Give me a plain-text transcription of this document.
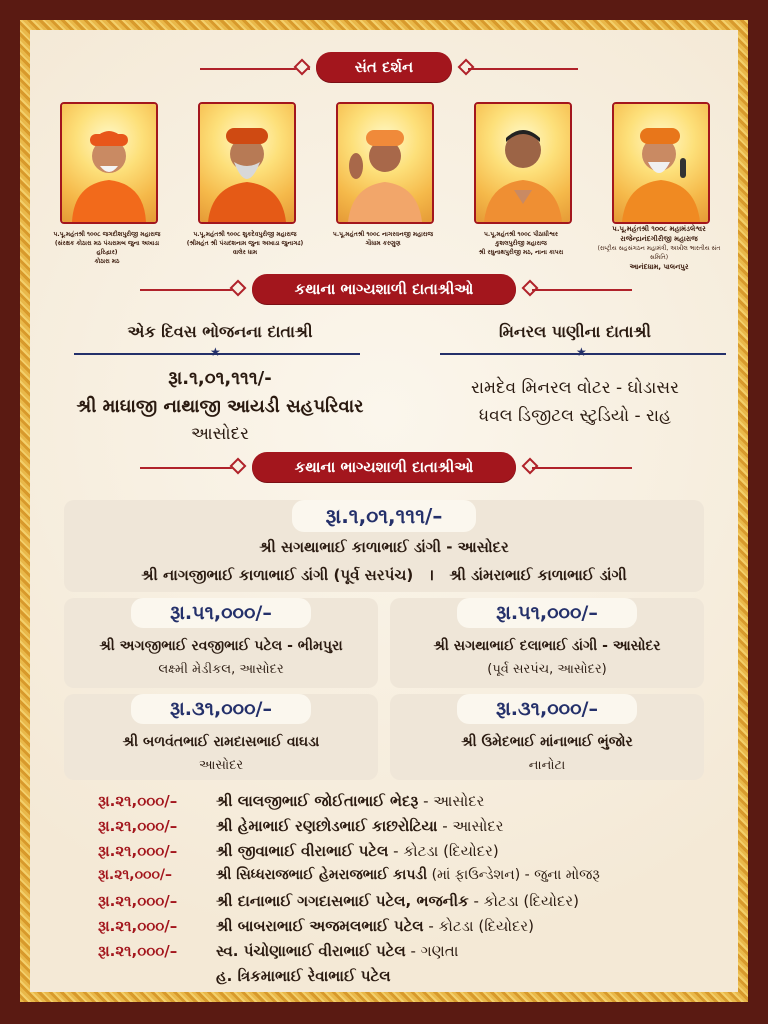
સંત દર્શન
પ.પૂ.મહંતશ્રી ૧૦૦૮ જગદીશપુરીજી મહારાજ
(સંરક્ષક કોઠારા મઠ પંચરામબ જુના અખાડા હરિદ્વાર)
કોઠારા મઠ
પ.પૂ.મહંતશ્રી ૧૦૦૮ શુકદેવપુરીજી મહારાજ
(શ્રીમહંત શ્રી પંચદશનામ જુના અખાડા જુનાગઢ)
વાલેર ધામ
પ.પૂ.મહંતશ્રી ૧૦૦૮ નાગરવનજી મહારાજ
ગૌધામ કરણુણ
પ.પૂ.મહંતશ્રી ૧૦૦૮ પીઠાધીશ્વર
કુશલપુરીજી મહારાજ
શ્રી રઘુનાથપુરીજી મઠ, નાના કાપરા
પ.પૂ.મહંતશ્રી ૧૦૦૮ મહામંડલેશ્વર
રાજેન્દ્રાનંદગીરીજી મહારાજ
(રાષ્ટ્રીય સહસંગઠન મહામંત્રી, અખીલ ભારતીય સંત સમિતિ)
આનંદધામ, પાલનપુર
કથાના ભાગ્યશાળી દાતાશ્રીઓ
એક દિવસ ભોજનના દાતાશ્રી
★
રૂા.૧,૦૧,૧૧૧/-
શ્રી માઘાજી નાથાજી આયડી સહપરિવાર
આસોદર
મિનરલ પાણીના દાતાશ્રી
★
રામદેવ મિનરલ વોટર - ઘોડાસર
ધવલ ડિજીટલ સ્ટુડિયો - રાહ
કથાના ભાગ્યશાળી દાતાશ્રીઓ
રૂા.૧,૦૧,૧૧૧/–
શ્રી સગથાભાઈ કાળાભાઈ ડાંગી - આસોદર
શ્રી નાગજીભાઈ કાળાભાઈ ડાંગી (પૂર્વ સરપંચ) । શ્રી ડાંમરાભાઈ કાળાભાઈ ડાંગી
રૂા.૫૧,૦૦૦/–
શ્રી અગજીભાઈ રવજીભાઈ પટેલ - ભીમપુરા
લક્ષ્મી મેડીકલ, આસોદર
રૂા.૫૧,૦૦૦/–
શ્રી સગથાભાઈ દલાભાઈ ડાંગી - આસોદર
(પૂર્વ સરપંચ, આસોદર)
રૂા.૩૧,૦૦૦/–
શ્રી બળવંતભાઈ રામદાસભાઈ વાઘડા
આસોદર
રૂા.૩૧,૦૦૦/–
શ્રી ઉમેદભાઈ માંનાભાઈ ભુંજોર
નાનોટા
રૂા.૨૧,૦૦૦/–	શ્રી લાલજીભાઈ જોઈતાભાઈ ભેદરૂ - આસોદર
રૂા.૨૧,૦૦૦/–	શ્રી હેમાભાઈ રણછોડભાઈ કાછરોટિયા - આસોદર
રૂા.૨૧,૦૦૦/–	શ્રી જીવાભાઈ વીરાભાઈ પટેલ - કોટડા (દિયોદર)
રૂા.૨૧,૦૦૦/–	શ્રી સિધ્ધરાજભાઈ હેમરાજભાઈ કાપડી (માં ફાઉન્ડેશન) - જુના મોજરૂ
રૂા.૨૧,૦૦૦/–	શ્રી દાનાભાઈ ગગદાસભાઈ પટેલ, ભજનીક - કોટડા (દિયોદર)
રૂા.૨૧,૦૦૦/–	શ્રી બાબરાભાઈ અજમલભાઈ પટેલ - કોટડા (દિયોદર)
રૂા.૨૧,૦૦૦/–	સ્વ. પંચોણાભાઈ વીરાભાઈ પટેલ - ગણતા
હ. ત્રિકમાભાઈ રેવાભાઈ પટેલ
